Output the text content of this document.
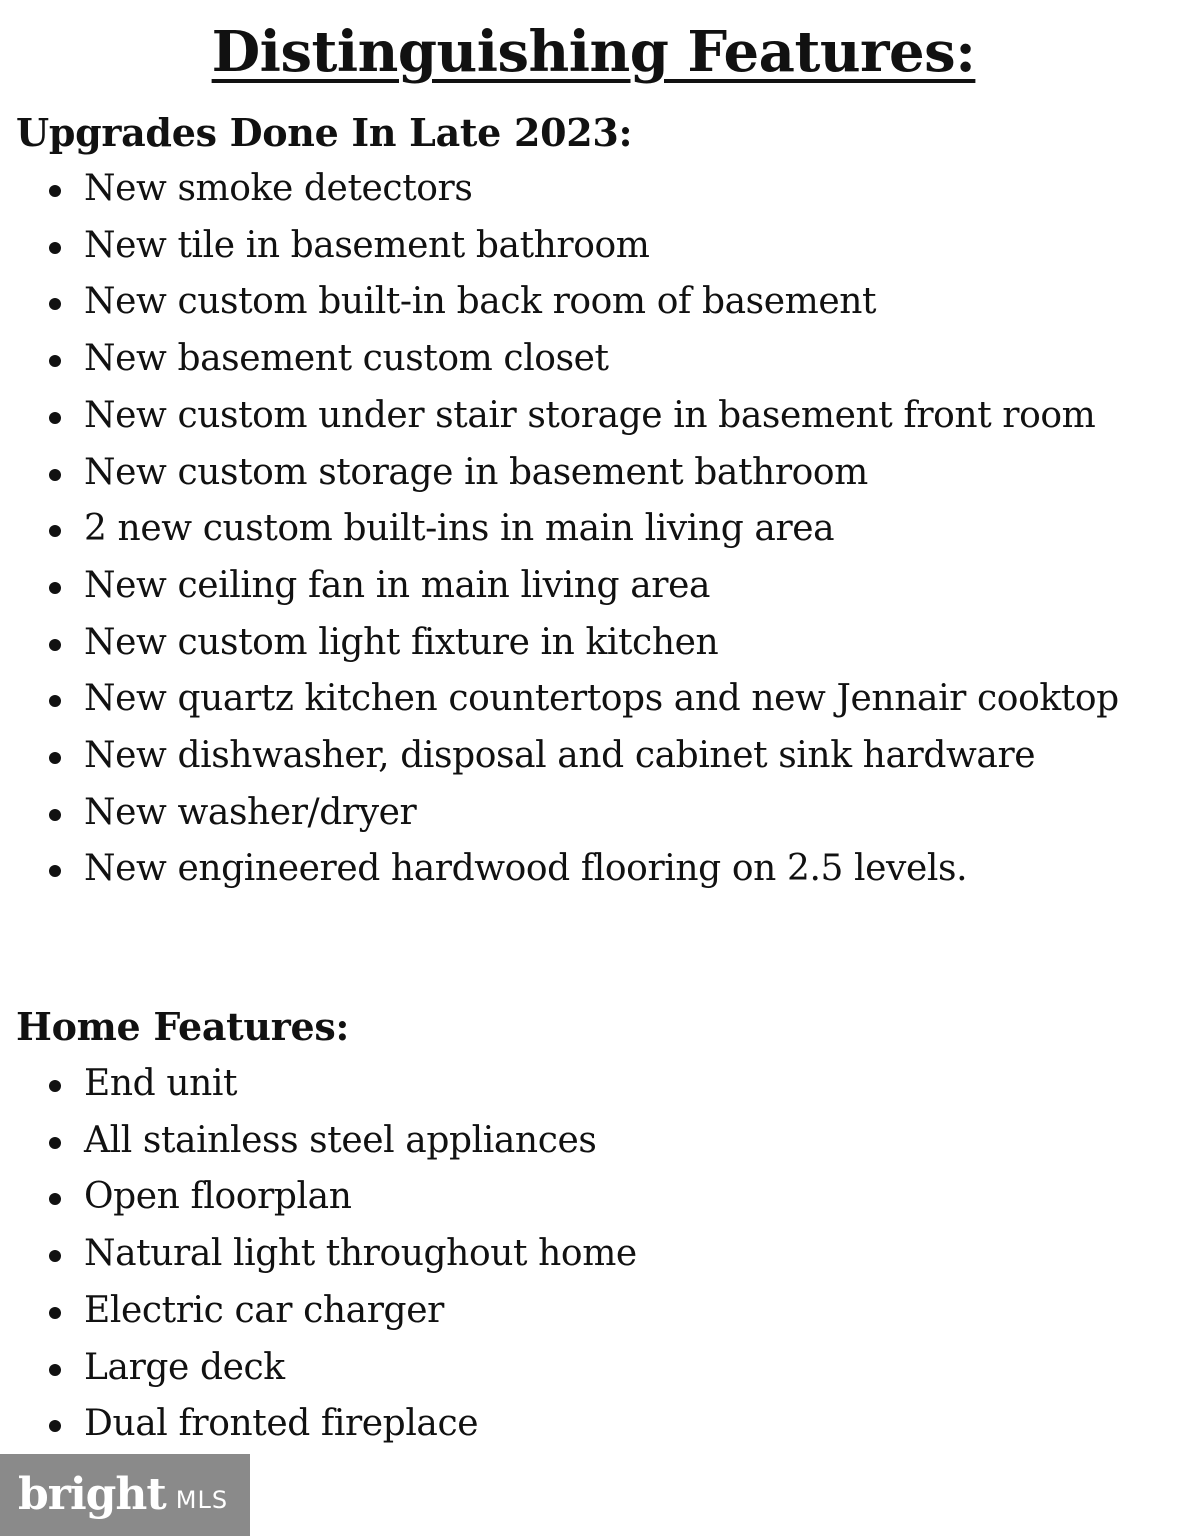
Distinguishing Features:
Upgrades Done In Late 2023:
New smoke detectors
New tile in basement bathroom
New custom built-in back room of basement
New basement custom closet
New custom under stair storage in basement front room
New custom storage in basement bathroom
2 new custom built-ins in main living area
New ceiling fan in main living area
New custom light fixture in kitchen
New quartz kitchen countertops and new Jennair cooktop
New dishwasher, disposal and cabinet sink hardware
New washer/dryer
New engineered hardwood flooring on 2.5 levels.
Home Features:
End unit
All stainless steel appliances
Open floorplan
Natural light throughout home
Electric car charger
Large deck
Dual fronted fireplace
bright MLS
